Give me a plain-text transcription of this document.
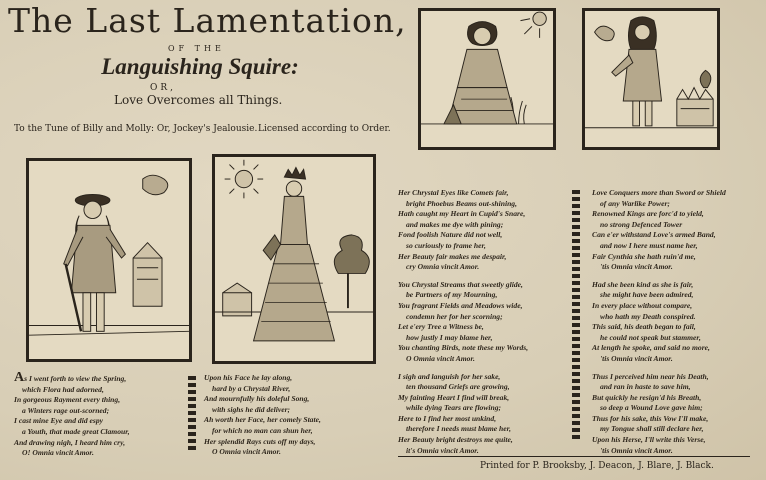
The Last Lamentation,
OF THE
Languishing Squire:
OR,
Love Overcomes all Things.
To the Tune of Billy and Molly: Or, Jockey's Jealousie. Licensed according to Order.
As I went forth to view the Spring,
which Flora had adorned,
In gorgeous Rayment every thing,
a Winters rage out-scorned;
I cast mine Eye and did espy
a Youth, that made great Clamour,
And drawing nigh, I heard him cry,
O! Omnia vincit Amor.
Upon his Face he lay along,
hard by a Chrystal River,
And mournfully his doleful Song,
with sighs he did deliver;
Ah worth her Face, her comely State,
for which no man can shun her,
Her splendid Rays cuts off my days,
O Omnia vincit Amor.
Her Chrystal Eyes like Comets fair,
bright Phoebus Beams out-shining,
Hath caught my Heart in Cupid's Snare,
and makes me dye with pining;
Fond foolish Nature did not well,
so curiously to frame her,
Her Beauty fair makes me despair,
cry Omnia vincit Amor.
You Chrystal Streams that sweetly glide,
be Partners of my Mourning,
You fragrant Fields and Meadows wide,
condemn her for her scorning;
Let e'ery Tree a Witness be,
how justly I may blame her,
You chanting Birds, note these my Words,
O Omnia vincit Amor.
I sigh and languish for her sake,
ten thousand Griefs are growing,
My fainting Heart I find will break,
while dying Tears are flowing;
Here to I find her most unkind,
therefore I needs must blame her,
Her Beauty bright destroys me quite,
it's Omnia vincit Amor.
Love Conquers more than Sword or Shield
of any Warlike Power;
Renowned Kings are forc'd to yield,
no strong Defenced Tower
Can e'er withstand Love's armed Band,
and now I here must name her,
Fair Cynthia she hath ruin'd me,
'tis Omnia vincit Amor.
Had she been kind as she is fair,
she might have been admired,
In every place without compare,
who hath my Death conspired.
This said, his death began to fail,
he could not speak but stammer,
At length he spoke, and said no more,
'tis Omnia vincit Amor.
Thus I perceived him near his Death,
and ran in haste to save him,
But quickly he resign'd his Breath,
so deep a Wound Love gave him;
Thus for his sake, this Vow I'll make,
my Tongue shall still declare her,
Upon his Herse, I'll write this Verse,
'tis Omnia vincit Amor.
Printed for P. Brooksby, J. Deacon, J. Blare, J. Black.
